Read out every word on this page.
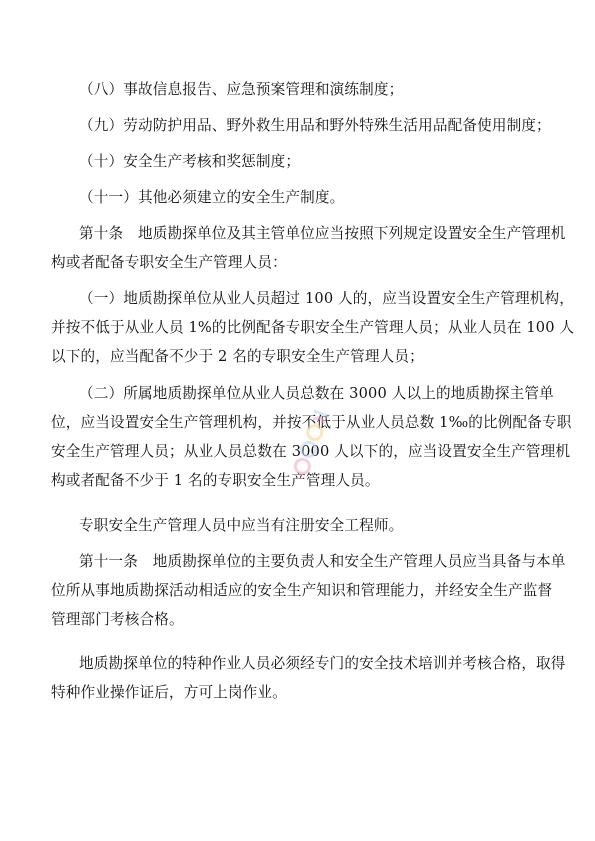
（八）事故信息报告、应急预案管理和演练制度；
（九）劳动防护用品、野外救生用品和野外特殊生活用品配备使用制度；
（十）安全生产考核和奖惩制度；
（十一）其他必须建立的安全生产制度。
第十条　地质勘探单位及其主管单位应当按照下列规定设置安全生产管理机
构或者配备专职安全生产管理人员：
（一）地质勘探单位从业人员超过 100 人的，应当设置安全生产管理机构，
并按不低于从业人员 1%的比例配备专职安全生产管理人员；从业人员在 100 人
以下的，应当配备不少于 2 名的专职安全生产管理人员；
（二）所属地质勘探单位从业人员总数在 3000 人以上的地质勘探主管单
位，应当设置安全生产管理机构，并按不低于从业人员总数 1‰的比例配备专职
安全生产管理人员；从业人员总数在 3000 人以下的，应当设置安全生产管理机
构或者配备不少于 1 名的专职安全生产管理人员。
专职安全生产管理人员中应当有注册安全工程师。
第十一条　地质勘探单位的主要负责人和安全生产管理人员应当具备与本单
位所从事地质勘探活动相适应的安全生产知识和管理能力，并经安全生产监督
管理部门考核合格。
地质勘探单位的特种作业人员必须经专门的安全技术培训并考核合格，取得
特种作业操作证后，方可上岗作业。
